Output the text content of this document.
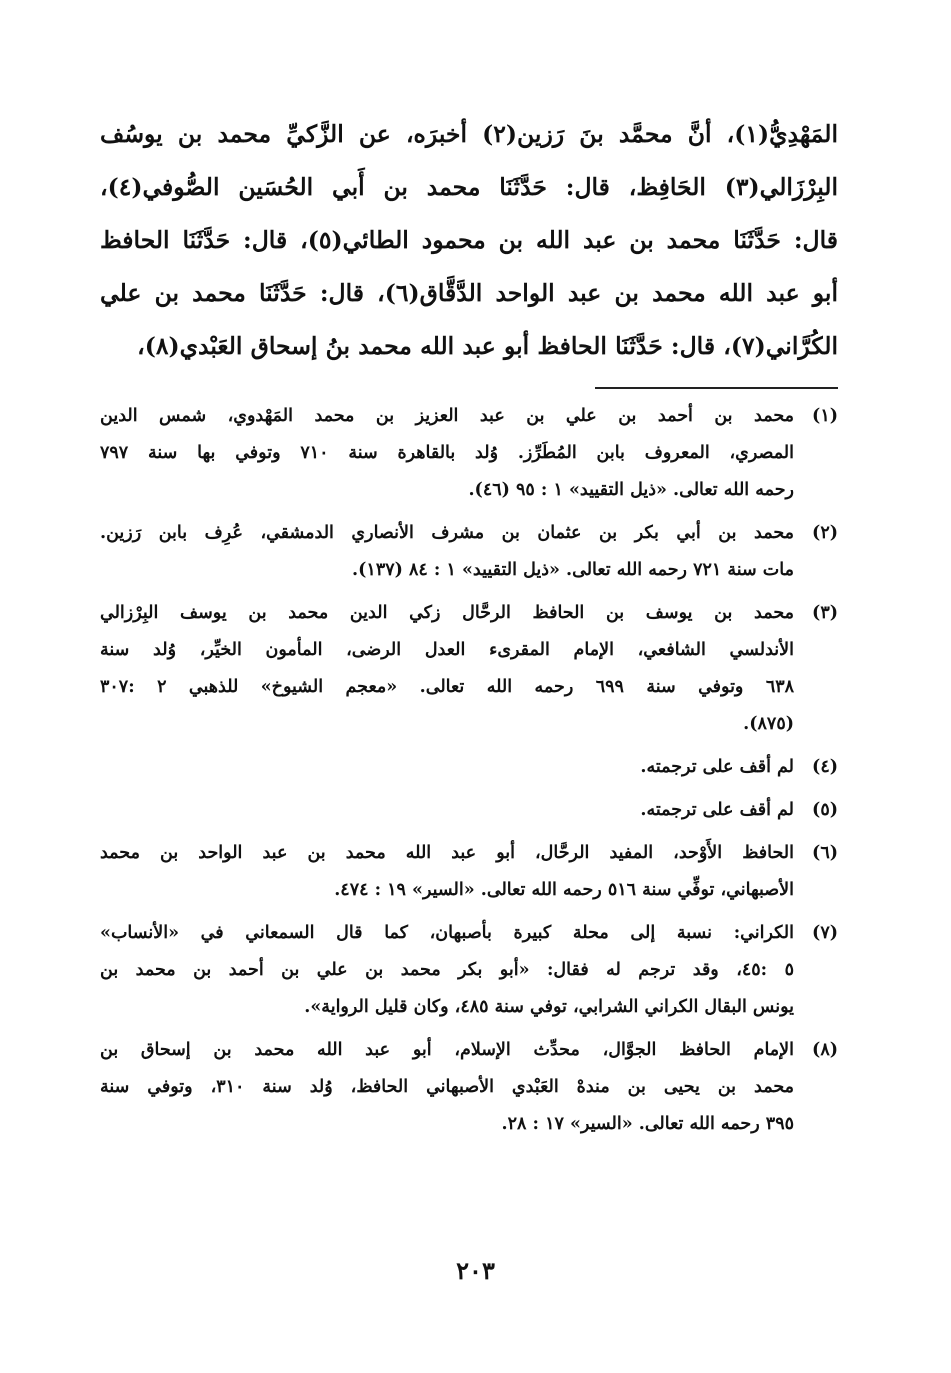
المَهْدِيُّ(١)، أنَّ محمَّد بنَ رَزين(٢) أخبرَه، عن الزَّكيِّ محمد بن يوسُف
البِرْزَالي(٣) الحَافِظ، قال: حَدَّثَنَا محمد بن أَبي الحُسَين الصُّوفي(٤)،
قال: حَدَّثَنَا محمد بن عبد الله بن محمود الطائي(٥)، قال: حَدَّثَنَا الحافظ
أبو عبد الله محمد بن عبد الواحد الدَّقَّاق(٦)، قال: حَدَّثَنَا محمد بن علي
الكُرَّاني(٧)، قال: حَدَّثَنَا الحافظ أبو عبد الله محمد بنُ إسحاق العَبْدي(٨)،
(١)
محمد بن أحمد بن علي بن عبد العزيز بن محمد المَهْدوي، شمس الدين
المصري، المعروف بابن المُطَرِّز. وُلد بالقاهرة سنة ٧١٠ وتوفي بها سنة ٧٩٧
رحمه الله تعالى. «ذيل التقييد» ١ : ٩٥ (٤٦).
(٢)
محمد بن أبي بكر بن عثمان بن مشرف الأنصاري الدمشقي، عُرِف بابن رَزين.
مات سنة ٧٢١ رحمه الله تعالى. «ذيل التقييد» ١ : ٨٤ (١٣٧).
(٣)
محمد بن يوسف بن الحافظ الرحَّال زكي الدين محمد بن يوسف البِرْزالي
الأندلسي الشافعي، الإمام المقرىء العدل الرضى، المأمون الخيِّر، وُلد سنة
٦٣٨ وتوفي سنة ٦٩٩ رحمه الله تعالى. «معجم الشيوخ» للذهبي ٢ :٣٠٧
(٨٧٥).
(٤)
لم أقف على ترجمته.
(٥)
لم أقف على ترجمته.
(٦)
الحافظ الأَوْحد، المفيد الرحَّال، أبو عبد الله محمد بن عبد الواحد بن محمد
الأصبهاني، توفِّي سنة ٥١٦ رحمه الله تعالى. «السير» ١٩ : ٤٧٤.
(٧)
الكراني: نسبة إلى محلة كبيرة بأصبهان، كما قال السمعاني في «الأنساب»
٥ :٤٥، وقد ترجم له فقال: «أبو بكر محمد بن علي بن أحمد بن محمد بن
يونس البقال الكراني الشرابي، توفي سنة ٤٨٥، وكان قليل الرواية».
(٨)
الإمام الحافظ الجوَّال، محدِّث الإسلام، أبو عبد الله محمد بن إسحاق بن
محمد بن يحيى بن مندهْ العَبْدي الأصبهاني الحافظ، وُلد سنة ٣١٠، وتوفي سنة
٣٩٥ رحمه الله تعالى. «السير» ١٧ : ٢٨.
٢٠٣
